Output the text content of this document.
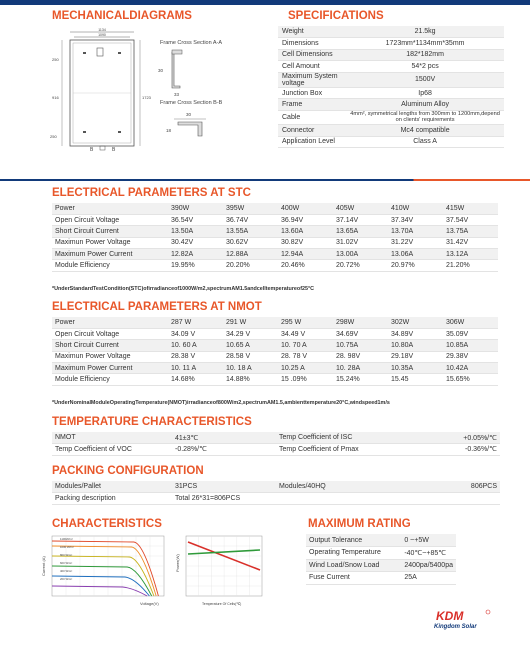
MECHANICALDIAGRAMS	SPECIFICATIONS
1134
1090
250
916	1723
250
B	B
Frame Cross Section A-A
30
33
Frame Cross Section B-B
30
18
Weight	21.5kg
Dimensions	1723mm*1134mm*35mm
Cell Dimensions	182*182mm
Cell Amount	54*2 pcs
Maximum System voltage	1500V
Junction Box	Ip68
Frame	Aluminum Alloy
Cable	4mm², symmetrical lengths from 300mm to 1200mm,depend on clients' requirements
Connector	Mc4 compatible
Application Level	Class A
ELECTRICAL PARAMETERS AT STC
Power	390W	395W	400W	405W	410W	415W
Open Circuit Voltage	36.54V	36.74V	36.94V	37.14V	37.34V	37.54V
Short Circuit Current	13.50A	13.55A	13.60A	13.65A	13.70A	13.75A
Maximun Power Voltage	30.42V	30.62V	30.82V	31.02V	31.22V	31.42V
Maximum Power Current	12.82A	12.88A	12.94A	13.00A	13.06A	13.12A
Module Efficiency	19.95%	20.20%	20.46%	20.72%	20.97%	21.20%
*UnderStandardTestCondition(STC)ofirradianceof1000W/m2,spectrumAM1.5andcelltemperatureof25°C
ELECTRICAL PARAMETERS AT NMOT
Power	287 W	291 W	295 W	298W	302W	306W
Open Circuit Voltage	34.09 V	34.29 V	34.49 V	34.69V	34.89V	35.09V
Short Circuit Current	10. 60 A	10.65 A	10. 70 A	10.75A	10.80A	10.85A
Maximun Power Voltage	28.38 V	28.58 V	28. 78 V	28. 98V	29.18V	29.38V
Maximum Power Current	10. 11 A	10. 18 A	10.25 A	10. 28A	10.35A	10.42A
Module Efficiency	14.68%	14.88%	15 .09%	15.24%	15.45	15.65%
*UnderNominalModuleOperatingTemperature(NMOT)irradianceof800W/m2,spectrumAM1.5,ambienttemperature20°C,windspeed1m/s
TEMPERATURE CHARACTERISTICS
NMOT	41±3℃	Temp Coefficient of ISC	+0.05%/℃
Temp Coefficient of VOC	-0.28%/℃	Temp Coefficient of Pmax	-0.36%/℃
PACKING CONFIGURATION
Modules/Pallet	31PCS	Modules/40HQ	806PCS
Packing description	Total 26*31=806PCS		
CHARACTERISTICS	MAXIMUM RATING
1100W/m²
1000 W/m²
800 W/m²
600 W/m²
400 W/m²
200 W/m²
Current (A)
Voltage(V)
Power(W)
Temperature Of Cells(℃)
Output Tolerance	0 ~+5W
Operating Temperature	-40℃~+85℃
Wind Load/Snow Load	2400pa/5400pa
Fuse Current	25A
KDM
Kingdom Solar
